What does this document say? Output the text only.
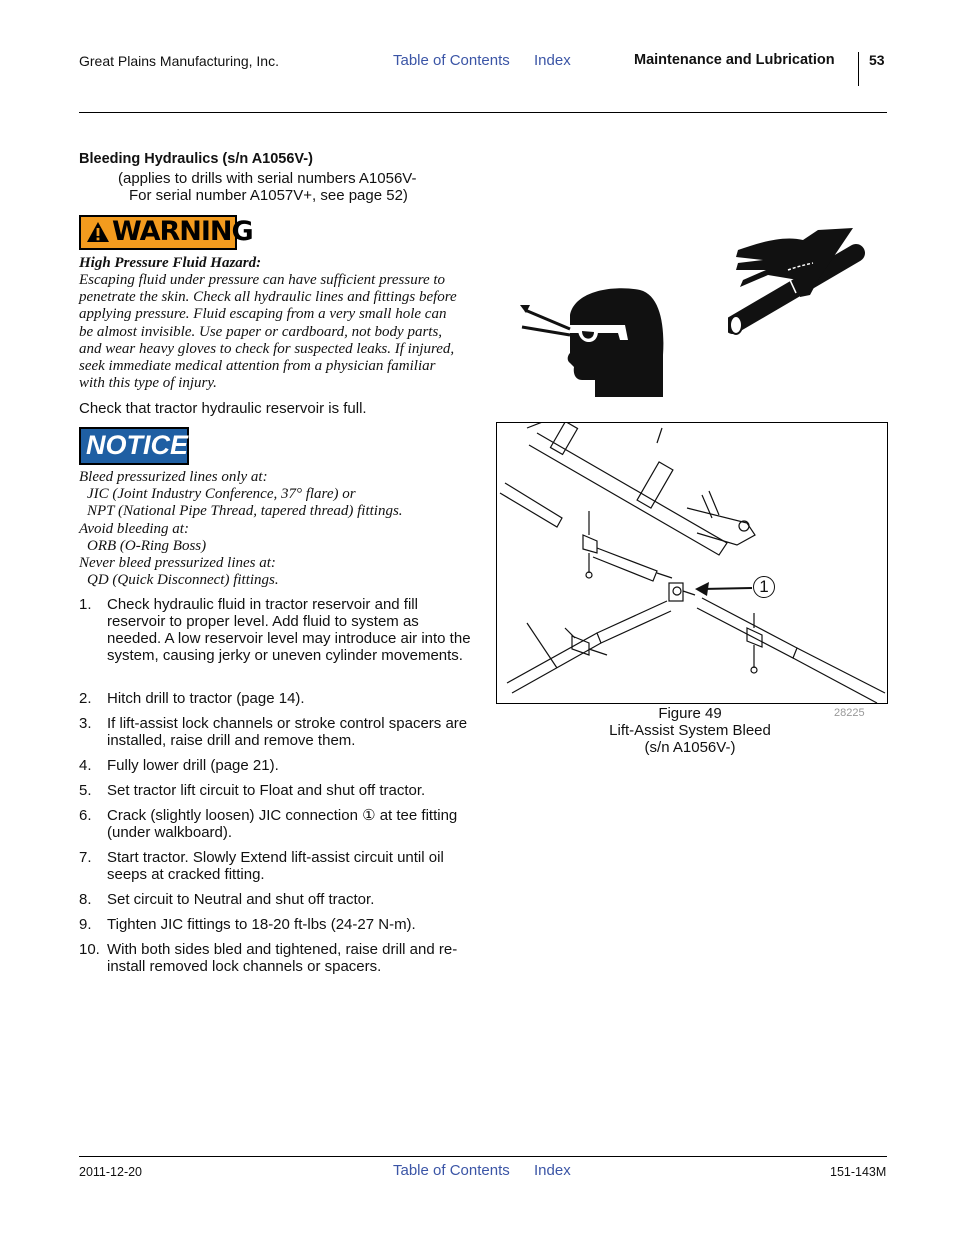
Great Plains Manufacturing, Inc.	Table of Contents Index	Maintenance and Lubrication 53
Bleeding Hydraulics (s/n A1056V-)
(applies to drills with serial numbers A1056V-
For serial number A1057V+, see page 52)
WARNING
High Pressure Fluid Hazard:
Escaping fluid under pressure can have sufficient pressure to
penetrate the skin. Check all hydraulic lines and fittings before
applying pressure. Fluid escaping from a very small hole can
be almost invisible. Use paper or cardboard, not body parts,
and wear heavy gloves to check for suspected leaks. If injured,
seek immediate medical attention from a physician familiar
with this type of injury.
Check that tractor hydraulic reservoir is full.
NOTICE
Bleed pressurized lines only at:
JIC (Joint Industry Conference, 37° flare) or
NPT (National Pipe Thread, tapered thread) fittings.
Avoid bleeding at:
ORB (O-Ring Boss)
Never bleed pressurized lines at:
QD (Quick Disconnect) fittings.
1. Check hydraulic fluid in tractor reservoir and fill reservoir to proper level. Add fluid to system as needed. A low reservoir level may introduce air into the system, causing jerky or uneven cylinder movements.
2. Hitch drill to tractor (page 14).
3. If lift-assist lock channels or stroke control spacers are installed, raise drill and remove them.
4. Fully lower drill (page 21).
5. Set tractor lift circuit to Float and shut off tractor.
6. Crack (slightly loosen) JIC connection ① at tee fitting (under walkboard).
7. Start tractor. Slowly Extend lift-assist circuit until oil seeps at cracked fitting.
8. Set circuit to Neutral and shut off tractor.
9. Tighten JIC fittings to 18-20 ft-lbs (24-27 N-m).
10. With both sides bled and tightened, raise drill and re-install removed lock channels or spacers.
1
28225
Figure 49
Lift-Assist System Bleed
(s/n A1056V-)
2011-12-20	Table of Contents Index	151-143M
